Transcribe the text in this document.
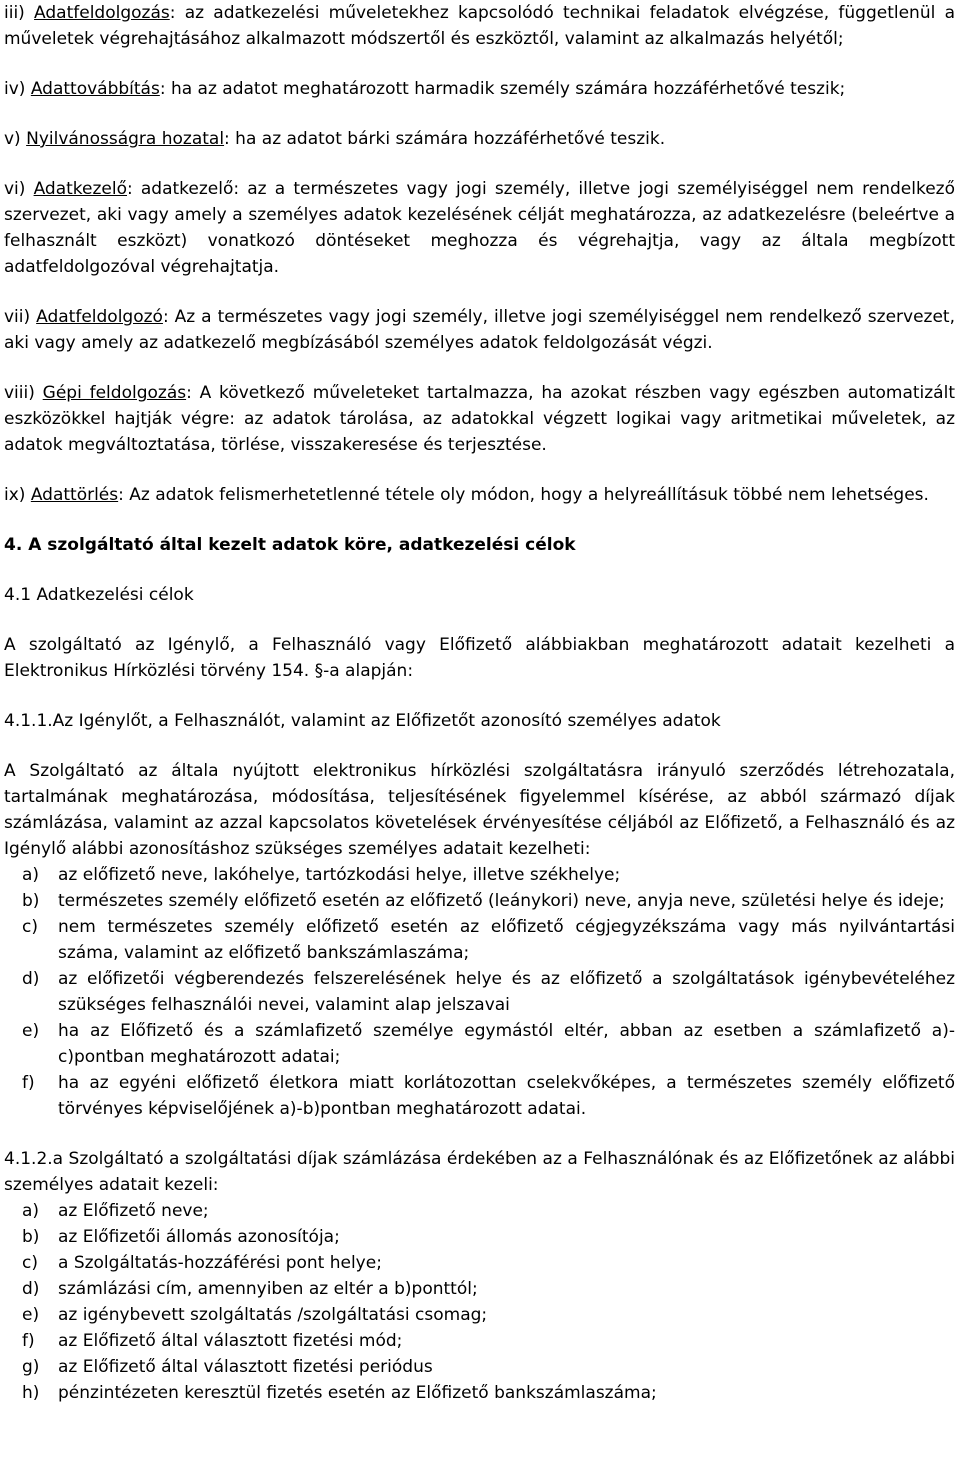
iii) Adatfeldolgozás: az adatkezelési műveletekhez kapcsolódó technikai feladatok elvégzése, függetlenül a műveletek végrehajtásához alkalmazott módszertől és eszköztől, valamint az alkalmazás helyétől;

iv) Adattovábbítás: ha az adatot meghatározott harmadik személy számára hozzáférhetővé teszik;

v) Nyilvánosságra hozatal: ha az adatot bárki számára hozzáférhetővé teszik.

vi) Adatkezelő: adatkezelő: az a természetes vagy jogi személy, illetve jogi személyiséggel nem rendelkező szervezet, aki vagy amely a személyes adatok kezelésének célját meghatározza, az adatkezelésre (beleértve a felhasznált eszközt) vonatkozó döntéseket meghozza és végrehajtja, vagy az általa megbízott adatfeldolgozóval végrehajtatja.

vii) Adatfeldolgozó: Az a természetes vagy jogi személy, illetve jogi személyiséggel nem rendelkező szervezet, aki vagy amely az adatkezelő megbízásából személyes adatok feldolgozását végzi.

viii) Gépi feldolgozás: A következő műveleteket tartalmazza, ha azokat részben vagy egészben automatizált eszközökkel hajtják végre: az adatok tárolása, az adatokkal végzett logikai vagy aritmetikai műveletek, az adatok megváltoztatása, törlése, visszakeresése és terjesztése.

ix) Adattörlés: Az adatok felismerhetetlenné tétele oly módon, hogy a helyreállításuk többé nem lehetséges.

4. A szolgáltató által kezelt adatok köre, adatkezelési célok

4.1 Adatkezelési célok

A szolgáltató az Igénylő, a Felhasználó vagy Előfizető alábbiakban meghatározott adatait kezelheti a Elektronikus Hírközlési törvény 154. §-a alapján:

4.1.1.Az Igénylőt, a Felhasználót, valamint az Előfizetőt azonosító személyes adatok

A Szolgáltató az általa nyújtott elektronikus hírközlési szolgáltatásra irányuló szerződés létrehozatala, tartalmának meghatározása, módosítása, teljesítésének figyelemmel kísérése, az abból származó díjak számlázása, valamint az azzal kapcsolatos követelések érvényesítése céljából az Előfizető, a Felhasználó és az Igénylő alábbi azonosításhoz szükséges személyes adatait kezelheti:

a)	az előfizető neve, lakóhelye, tartózkodási helye, illetve székhelye;
b)	természetes személy előfizető esetén az előfizető (leánykori) neve, anyja neve, születési helye és ideje;
c)	nem természetes személy előfizető esetén az előfizető cégjegyzékszáma vagy más nyilvántartási száma, valamint az előfizető bankszámlaszáma;
d)	az előfizetői végberendezés felszerelésének helye és az előfizető a szolgáltatások igénybevételéhez szükséges felhasználói nevei, valamint alap jelszavai
e)	ha az Előfizető és a számlafizető személye egymástól eltér, abban az esetben a számlafizető a)-c)pontban meghatározott adatai;
f)	ha az egyéni előfizető életkora miatt korlátozottan cselekvőképes, a természetes személy előfizető törvényes képviselőjének a)-b)pontban meghatározott adatai.

4.1.2.a Szolgáltató a szolgáltatási díjak számlázása érdekében az a Felhasználónak és az Előfizetőnek az alábbi személyes adatait kezeli:

a)	az Előfizető neve;
b)	az Előfizetői állomás azonosítója;
c)	a Szolgáltatás-hozzáférési pont helye;
d)	számlázási cím, amennyiben az eltér a b)ponttól;
e)	az igénybevett szolgáltatás /szolgáltatási csomag;
f)	az Előfizető által választott fizetési mód;
g)	az Előfizető által választott fizetési periódus
h)	pénzintézeten keresztül fizetés esetén az Előfizető bankszámlaszáma;
